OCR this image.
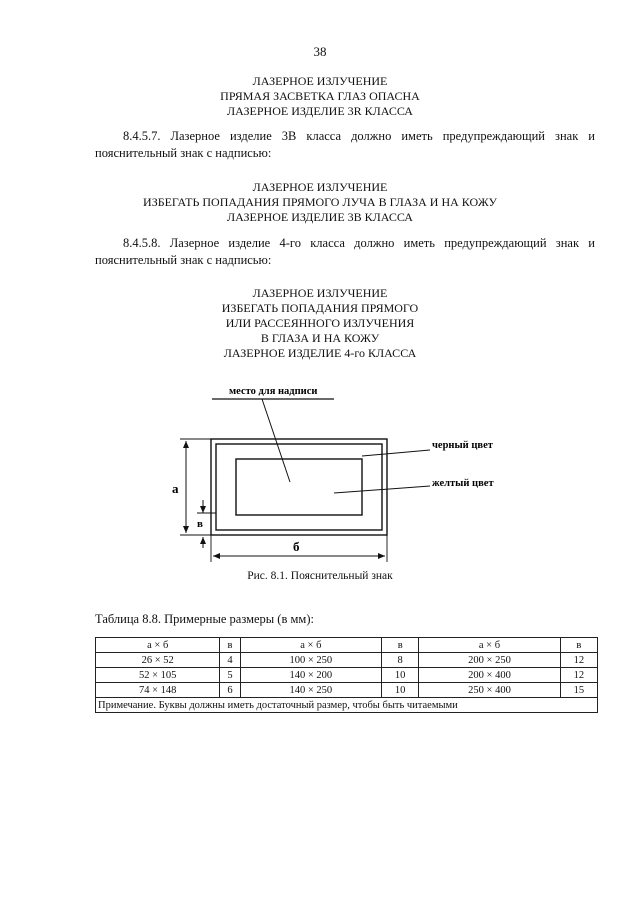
38
ЛАЗЕРНОЕ ИЗЛУЧЕНИЕ
ПРЯМАЯ ЗАСВЕТКА ГЛАЗ ОПАСНА
ЛАЗЕРНОЕ ИЗДЕЛИЕ 3R КЛАССА
8.4.5.7. Лазерное изделие 3В класса должно иметь предупреждающий знак и
пояснительный знак с надписью:
ЛАЗЕРНОЕ ИЗЛУЧЕНИЕ
ИЗБЕГАТЬ ПОПАДАНИЯ ПРЯМОГО ЛУЧА В ГЛАЗА И НА КОЖУ
ЛАЗЕРНОЕ ИЗДЕЛИЕ 3В КЛАССА
8.4.5.8. Лазерное изделие 4-го класса должно иметь предупреждающий знак и
пояснительный знак с надписью:
ЛАЗЕРНОЕ ИЗЛУЧЕНИЕ
ИЗБЕГАТЬ ПОПАДАНИЯ ПРЯМОГО
ИЛИ РАССЕЯННОГО ИЗЛУЧЕНИЯ
В ГЛАЗА И НА КОЖУ
ЛАЗЕРНОЕ ИЗДЕЛИЕ 4-го КЛАССА
место для надписи
черный цвет
желтый цвет
а
в
б
Рис. 8.1. Пояснительный знак
Таблица 8.8. Примерные размеры (в мм):
а × б	в	а × б	в	а × б	в
26 × 52	4	100 × 250	8	200 × 250	12
52 × 105	5	140 × 200	10	200 × 400	12
74 × 148	6	140 × 250	10	250 × 400	15
Примечание. Буквы должны иметь достаточный размер, чтобы быть читаемыми					
